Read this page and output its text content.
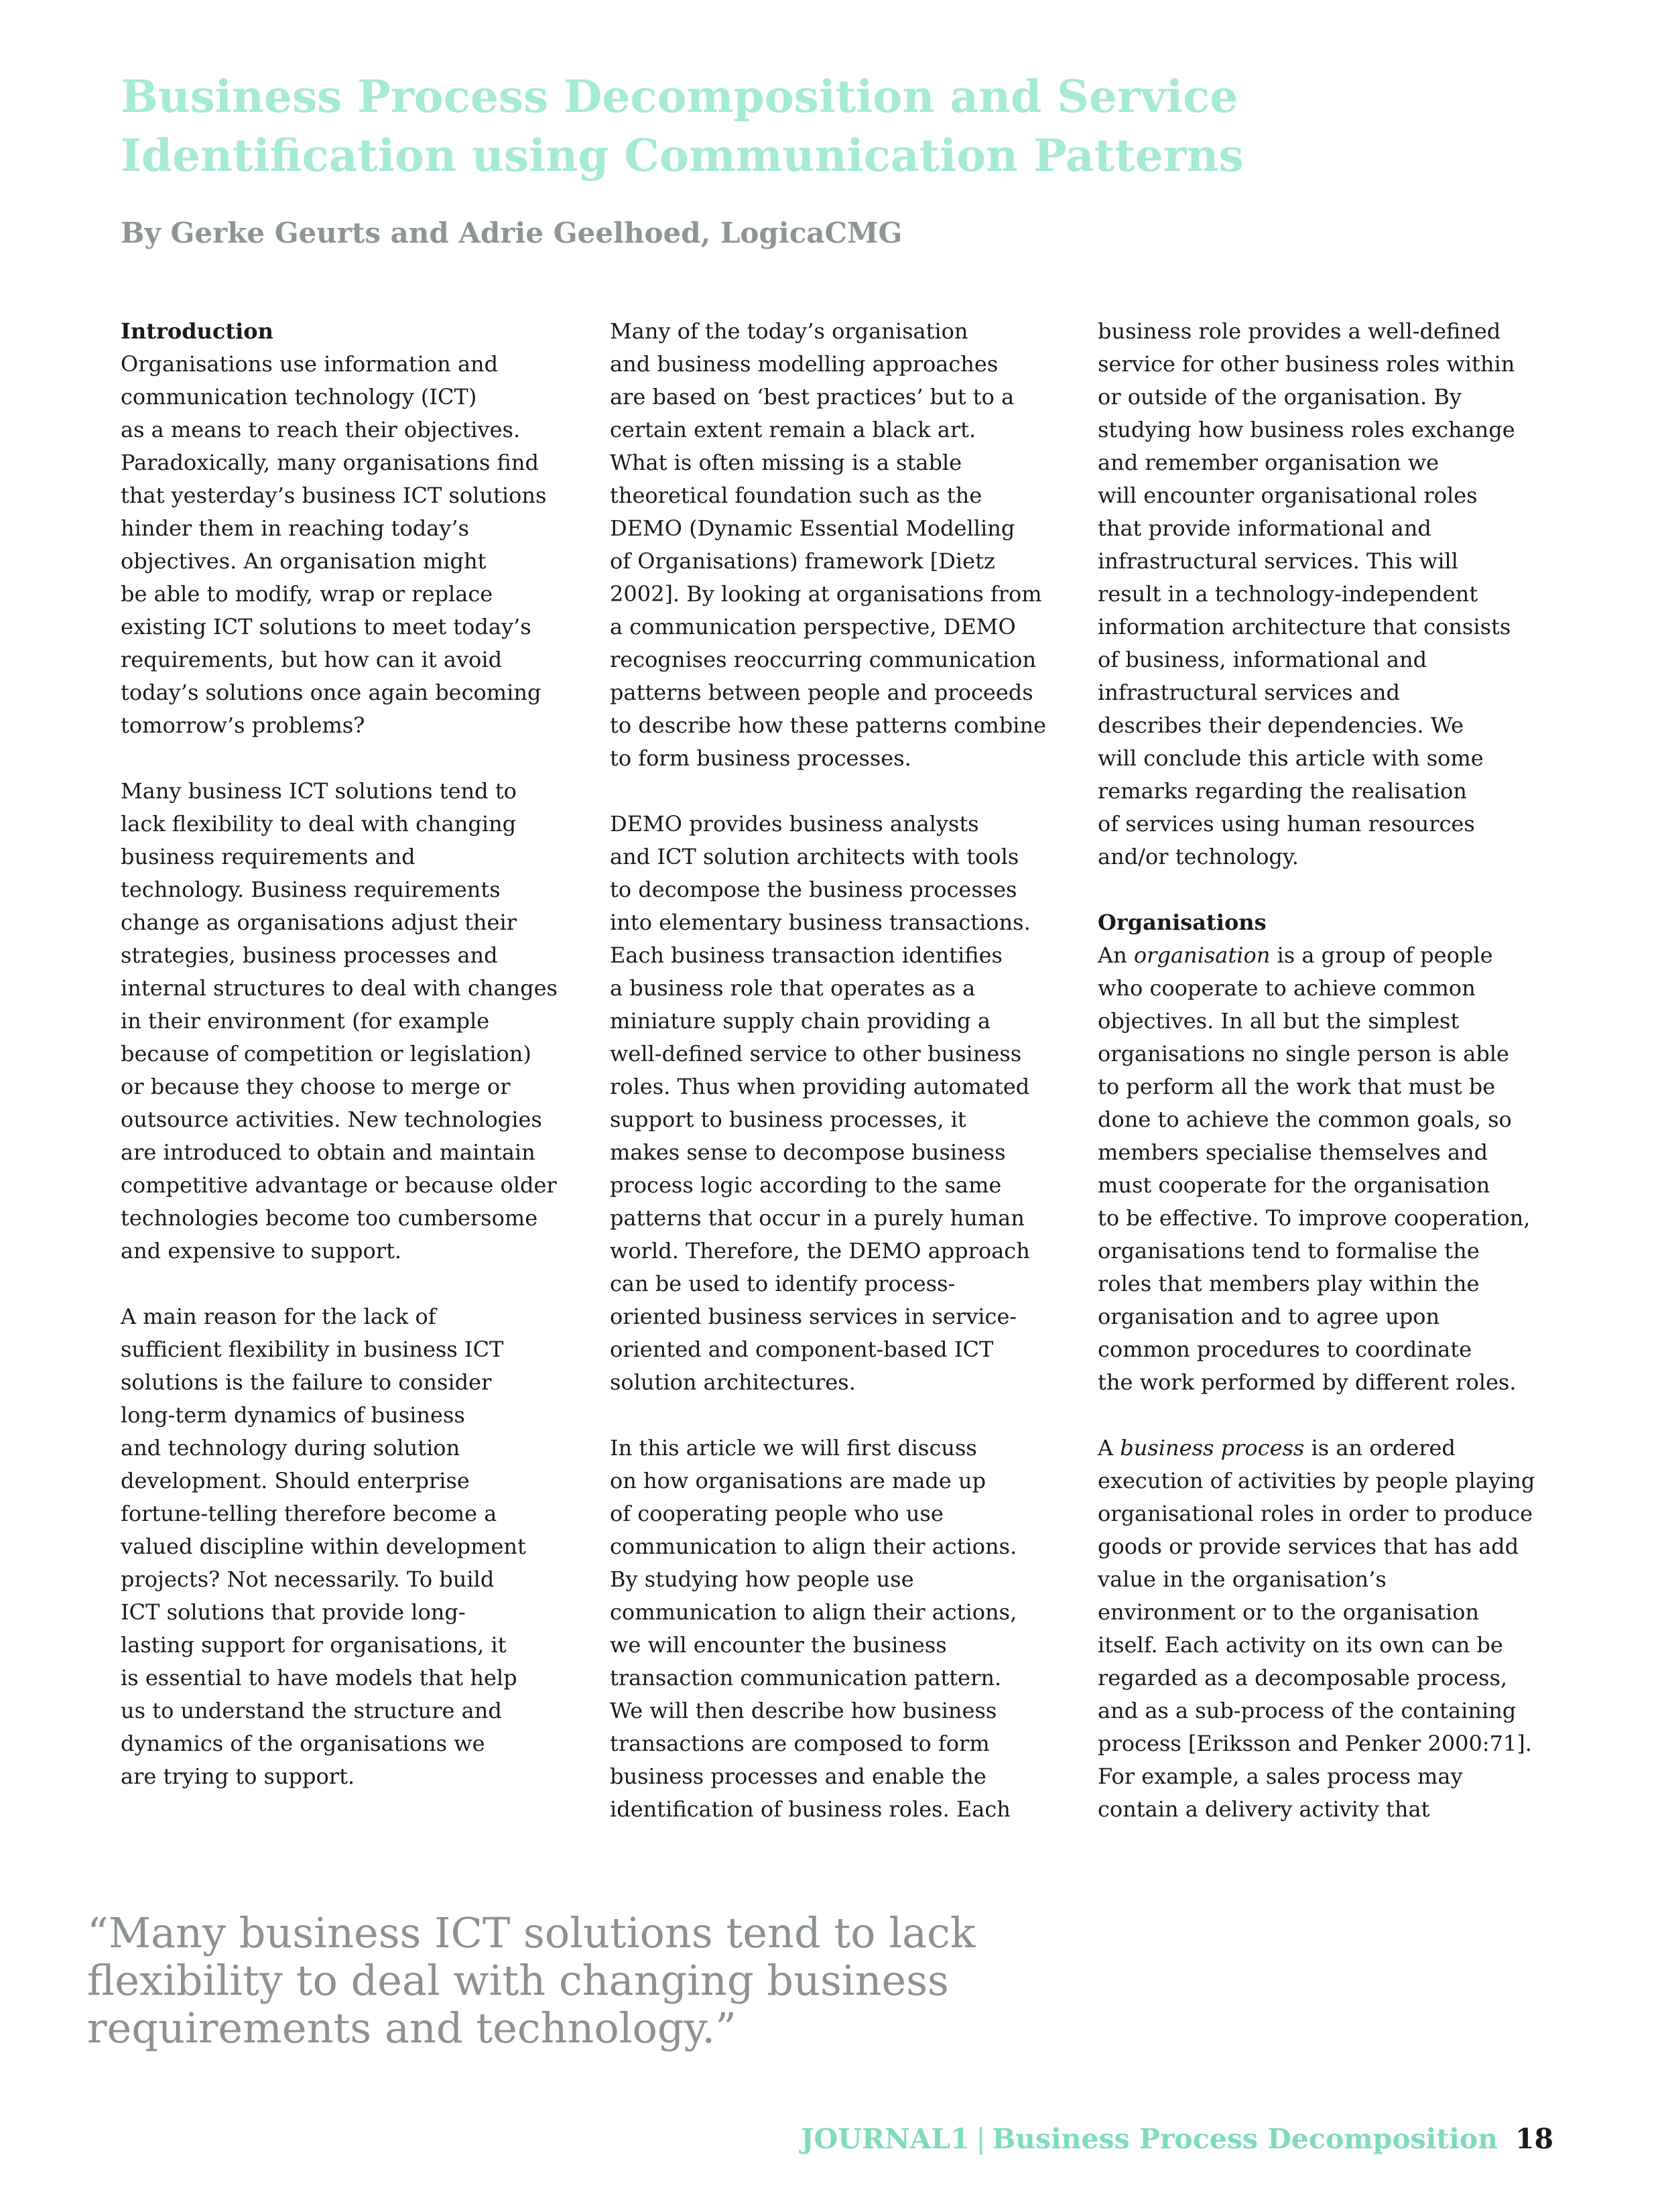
Business Process Decomposition and Service
Identification using Communication Patterns

By Gerke Geurts and Adrie Geelhoed, LogicaCMG

Introduction
Organisations use information and
communication technology (ICT)
as a means to reach their objectives.
Paradoxically, many organisations find
that yesterday’s business ICT solutions
hinder them in reaching today’s
objectives. An organisation might
be able to modify, wrap or replace
existing ICT solutions to meet today’s
requirements, but how can it avoid
today’s solutions once again becoming
tomorrow’s problems?
Many business ICT solutions tend to
lack flexibility to deal with changing
business requirements and
technology. Business requirements
change as organisations adjust their
strategies, business processes and
internal structures to deal with changes
in their environment (for example
because of competition or legislation)
or because they choose to merge or
outsource activities. New technologies
are introduced to obtain and maintain
competitive advantage or because older
technologies become too cumbersome
and expensive to support.
A main reason for the lack of
sufficient flexibility in business ICT
solutions is the failure to consider
long-term dynamics of business
and technology during solution
development. Should enterprise
fortune-telling therefore become a
valued discipline within development
projects? Not necessarily. To build
ICT solutions that provide long-
lasting support for organisations, it
is essential to have models that help
us to understand the structure and
dynamics of the organisations we
are trying to support.
Many of the today’s organisation
and business modelling approaches
are based on ‘best practices’ but to a
certain extent remain a black art.
What is often missing is a stable
theoretical foundation such as the
DEMO (Dynamic Essential Modelling
of Organisations) framework [Dietz
2002]. By looking at organisations from
a communication perspective, DEMO
recognises reoccurring communication
patterns between people and proceeds
to describe how these patterns combine
to form business processes.
DEMO provides business analysts
and ICT solution architects with tools
to decompose the business processes
into elementary business transactions.
Each business transaction identifies
a business role that operates as a
miniature supply chain providing a
well-defined service to other business
roles. Thus when providing automated
support to business processes, it
makes sense to decompose business
process logic according to the same
patterns that occur in a purely human
world. Therefore, the DEMO approach
can be used to identify process-
oriented business services in service-
oriented and component-based ICT
solution architectures.
In this article we will first discuss
on how organisations are made up
of cooperating people who use
communication to align their actions.
By studying how people use
communication to align their actions,
we will encounter the business
transaction communication pattern.
We will then describe how business
transactions are composed to form
business processes and enable the
identification of business roles. Each
business role provides a well-defined
service for other business roles within
or outside of the organisation. By
studying how business roles exchange
and remember organisation we
will encounter organisational roles
that provide informational and
infrastructural services. This will
result in a technology-independent
information architecture that consists
of business, informational and
infrastructural services and
describes their dependencies. We
will conclude this article with some
remarks regarding the realisation
of services using human resources
and/or technology.
Organisations
An organisation is a group of people
who cooperate to achieve common
objectives. In all but the simplest
organisations no single person is able
to perform all the work that must be
done to achieve the common goals, so
members specialise themselves and
must cooperate for the organisation
to be effective. To improve cooperation,
organisations tend to formalise the
roles that members play within the
organisation and to agree upon
common procedures to coordinate
the work performed by different roles.
A business process is an ordered
execution of activities by people playing
organisational roles in order to produce
goods or provide services that has add
value in the organisation’s
environment or to the organisation
itself. Each activity on its own can be
regarded as a decomposable process,
and as a sub-process of the containing
process [Eriksson and Penker 2000:71].
For example, a sales process may
contain a delivery activity that
“Many business ICT solutions tend to lack
flexibility to deal with changing business
requirements and technology.”
JOURNAL1 | Business Process Decomposition 18
